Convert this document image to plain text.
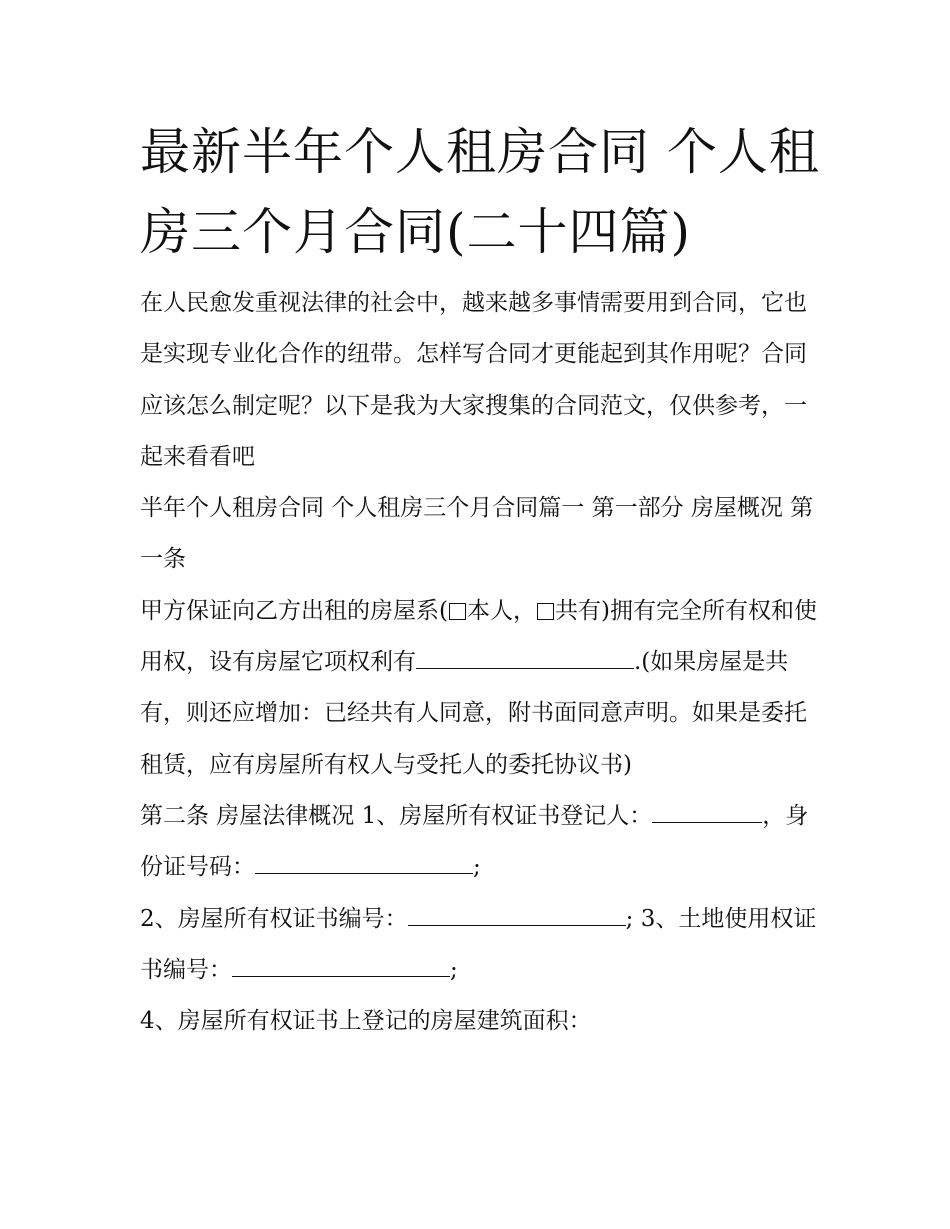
最新半年个人租房合同 个人租房三个月合同(二十四篇)

在人民愈发重视法律的社会中，越来越多事情需要用到合同，它也是实现专业化合作的纽带。怎样写合同才更能起到其作用呢？合同应该怎么制定呢？以下是我为大家搜集的合同范文，仅供参考，一起来看看吧

半年个人租房合同 个人租房三个月合同篇一 第一部分 房屋概况 第一条

甲方保证向乙方出租的房屋系( 本人， 共有)拥有完全所有权和使用权，设有房屋它项权利有	.(如果房屋是共有，则还应增加：已经共有人同意，附书面同意声明。如果是委托租赁，应有房屋所有权人与受托人的委托协议书)

第二条 房屋法律概况 1、房屋所有权证书登记人：	，身份证号码：	;

2、房屋所有权证书编号：	; 3、土地使用权证书编号：	;

4、房屋所有权证书上登记的房屋建筑面积：
